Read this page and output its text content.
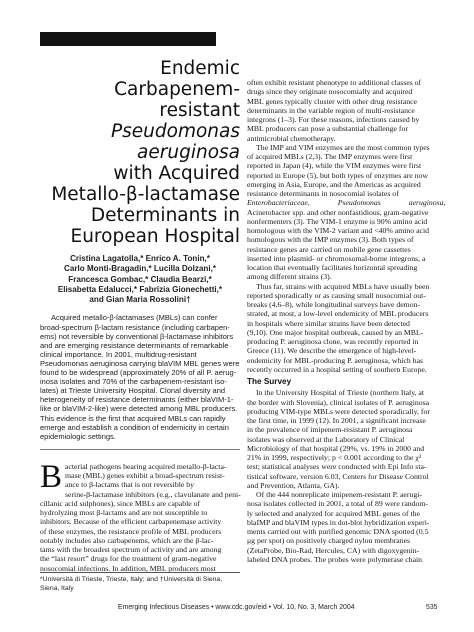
Endemic
Carbapenem-
resistant
Pseudomonas
aeruginosa
with Acquired
Metallo-β-lactamase
Determinants in
European Hospital
Cristina Lagatolla,* Enrico A. Tonin,*
Carlo Monti-Bragadin,* Lucilla Dolzani,*
Francesca Gombac,* Claudia Bearzi,*
Elisabetta Edalucci,* Fabrizia Gionechetti,*
and Gian Maria Rossolini†
Acquired metallo-β-lactamases (MBLs) can confer
broad-spectrum β-lactam resistance (including carbapen-
ems) not reversible by conventional β-lactamase inhibitors
and are emerging resistance determinants of remarkable
clinical importance. In 2001, multidrug-resistant
Pseudomonas aeruginosa carrying blaVIM MBL genes were
found to be widespread (approximately 20% of all P. aerug-
inosa isolates and 70% of the carbapenem-resistant iso-
lates) at Trieste University Hospital. Clonal diversity and
heterogeneity of resistance determinants (either blaVIM-1-
like or blaVIM-2-like) were detected among MBL producers.
This evidence is the first that acquired MBLs can rapidly
emerge and establish a condition of endemicity in certain
epidemiologic settings.
B acterial pathogens bearing acquired metallo-β-lacta-
mase (MBL) genes exhibit a broad-spectrum resist-
ance to β-lactams that is not reversible by
serine-β-lactamase inhibitors (e.g., clavulanate and peni-
cillanic acid sulphones), since MBLs are capable of
hydrolyzing most β-lactams and are not susceptible to
inhibitors. Because of the efficient carbapenemase activity
of these enzymes, the resistance profile of MBL producers
notably includes also carbapenems, which are the β-lac-
tams with the broadest spectrum of activity and are among
the “last resort” drugs for the treatment of gram-negative
nosocomial infections. In addition, MBL producers most
*Università di Trieste, Trieste, Italy; and †Università di Siena,
Siena, Italy
often exhibit resistant phenotype to additional classes of
drugs since they originate nosocomially and acquired
MBL genes typically cluster with other drug resistance
determinants in the variable region of multi-resistance
integrons (1–3). For these reasons, infections caused by
MBL producers can pose a substantial challenge for
antimicrobial chemotherapy.
The IMP and VIM enzymes are the most common types
of acquired MBLs (2,3). The IMP enzymes were first
reported in Japan (4), while the VIM enzymes were first
reported in Europe (5), but both types of enzymes are now
emerging in Asia, Europe, and the Americas as acquired
resistance determinants in nosocomial isolates of
Enterobacteriaceae, Pseudomonas aeruginosa,
Acinetobacter spp. and other nonfastidious, gram-negative
nonfermenters (3). The VIM-1 enzyme is 90% amino acid
homologous with the VIM-2 variant and <40% amino acid
homologous with the IMP enzymes (3). Both types of
resistance genes are carried on mobile gene cassettes
inserted into plasmid- or chromosomal-borne integrons, a
location that eventually facilitates horizontal spreading
among different strains (3).
Thus far, strains with acquired MBLs have usually been
reported sporadically or as causing small nosocomial out-
breaks (4,6–8), while longitudinal surveys have demon-
strated, at most, a low-level endemicity of MBL producers
in hospitals where similar strains have been detected
(9,10). One major hospital outbreak, caused by an MBL-
producing P. aeruginosa clone, was recently reported in
Greece (11). We describe the emergence of high-level-
endemicity for MBL-producing P. aeruginosa, which has
recently occurred in a hospital setting of southern Europe.
The Survey
In the University Hospital of Trieste (northern Italy, at
the border with Slovenia), clinical isolates of P. aeruginosa
producing VIM-type MBLs were detected sporadically, for
the first time, in 1999 (12). In 2001, a significant increase
in the prevalence of imipenem-resistant P. aeruginosa
isolates was observed at the Laboratory of Clinical
Microbiology of that hospital (29%, vs. 19% in 2000 and
21% in 1999, respectively; p < 0.001 according to the χ²
test; statistical analyses were conducted with Epi Info sta-
tistical software, version 6.03, Centers for Disease Control
and Prevention, Atlanta, GA).
Of the 444 nonreplicate imipenem-resistant P. aerugi-
nosa isolates collected in 2001, a total of 89 were random-
ly selected and analyzed for acquired MBL genes of the
blaIMP and blaVIM types in dot-blot hybridization experi-
ments carried out with purified genomic DNA spotted (0.5
μg per spot) on positively charged nylon membranes
(ZetaProbe, Bio-Rad, Hercules, CA) with digoxygenin-
labeled DNA probes. The probes were polymerase chain
Emerging Infectious Diseases • www.cdc.gov/eid • Vol. 10, No. 3, March 2004	535
